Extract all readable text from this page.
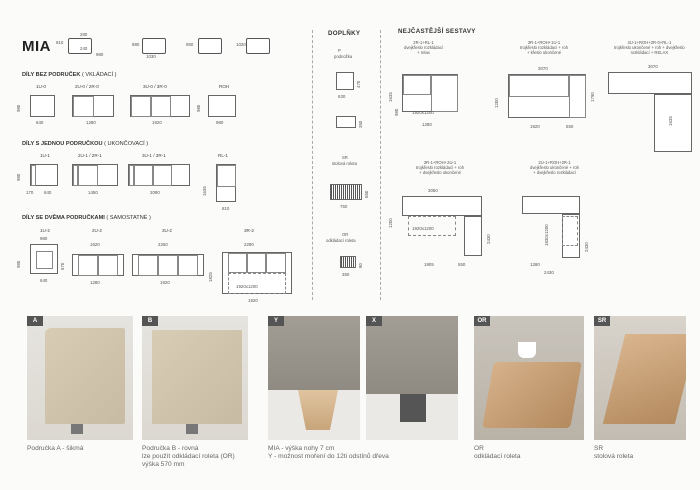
MIA 810
280
240
980
880
1030
950	1020
DÍLY BEZ PODRUČEK ( VKLÁDACÍ )
1U-0
980
640
2U-0 / 2R-0
1280
3U-0 / 3R-0
1920
ROH
980
980
DÍLY S JEDNOU PODRUČKOU ( UKONČOVACÍ )
1U-1
980
170 640
2U-1 / 2R-1
1450
3U-1 / 3R-1
2090
RL-1
1635
810
DÍLY SE DVĚMA PODRUČKAMI ( SAMOSTATNÉ )
1U-2
980
980	570
640
2U-2
1620
1280
3U-2
2260
1920
3R-2
2290
1920x1200
1825
1920
DOPLŇKY
P
podnožka
470
630
350
SR
stolová roleta
550
750
OR
odkládací roleta
80
350
NEJČASTĚJŠÍ SESTAVY
2R-1+RL-1
dvejkřeslo rozkládací
+ relax
1635
980	1920x1200
1280
3R-1+ROH+1U-1
trojkřeslo rozkládací + roh
+ křeslo ukončené
3070
1200
1790
1920	550
3U-1+ROH+2R-0+RL-1
trojkřeslo ukončené + roh + dvejkřeslo
rozkládací + RELAX
3070
1635
3R-1+ROH+2U-1
trojkřeslo rozkládací + roh
+ dvejkřeslo ukončené
3050
1920x1200
1200
2430
1905	550
2U-1+ROH+2R-1
dvejkřeslo ukončené + roh
+ dvejkřeslo rozkládací
1830x1200
2430
1280
2430
A	B	Y	X	OR	SR
Područka A - šikmá	Područka B - rovná
lze použít odkládací roleta (OR)
výška 570 mm
MIA - výška nohy 7 cm
Y - možnost moření do 12ti odstínů dřeva
OR
odkládací roleta
SR
stolová roleta
